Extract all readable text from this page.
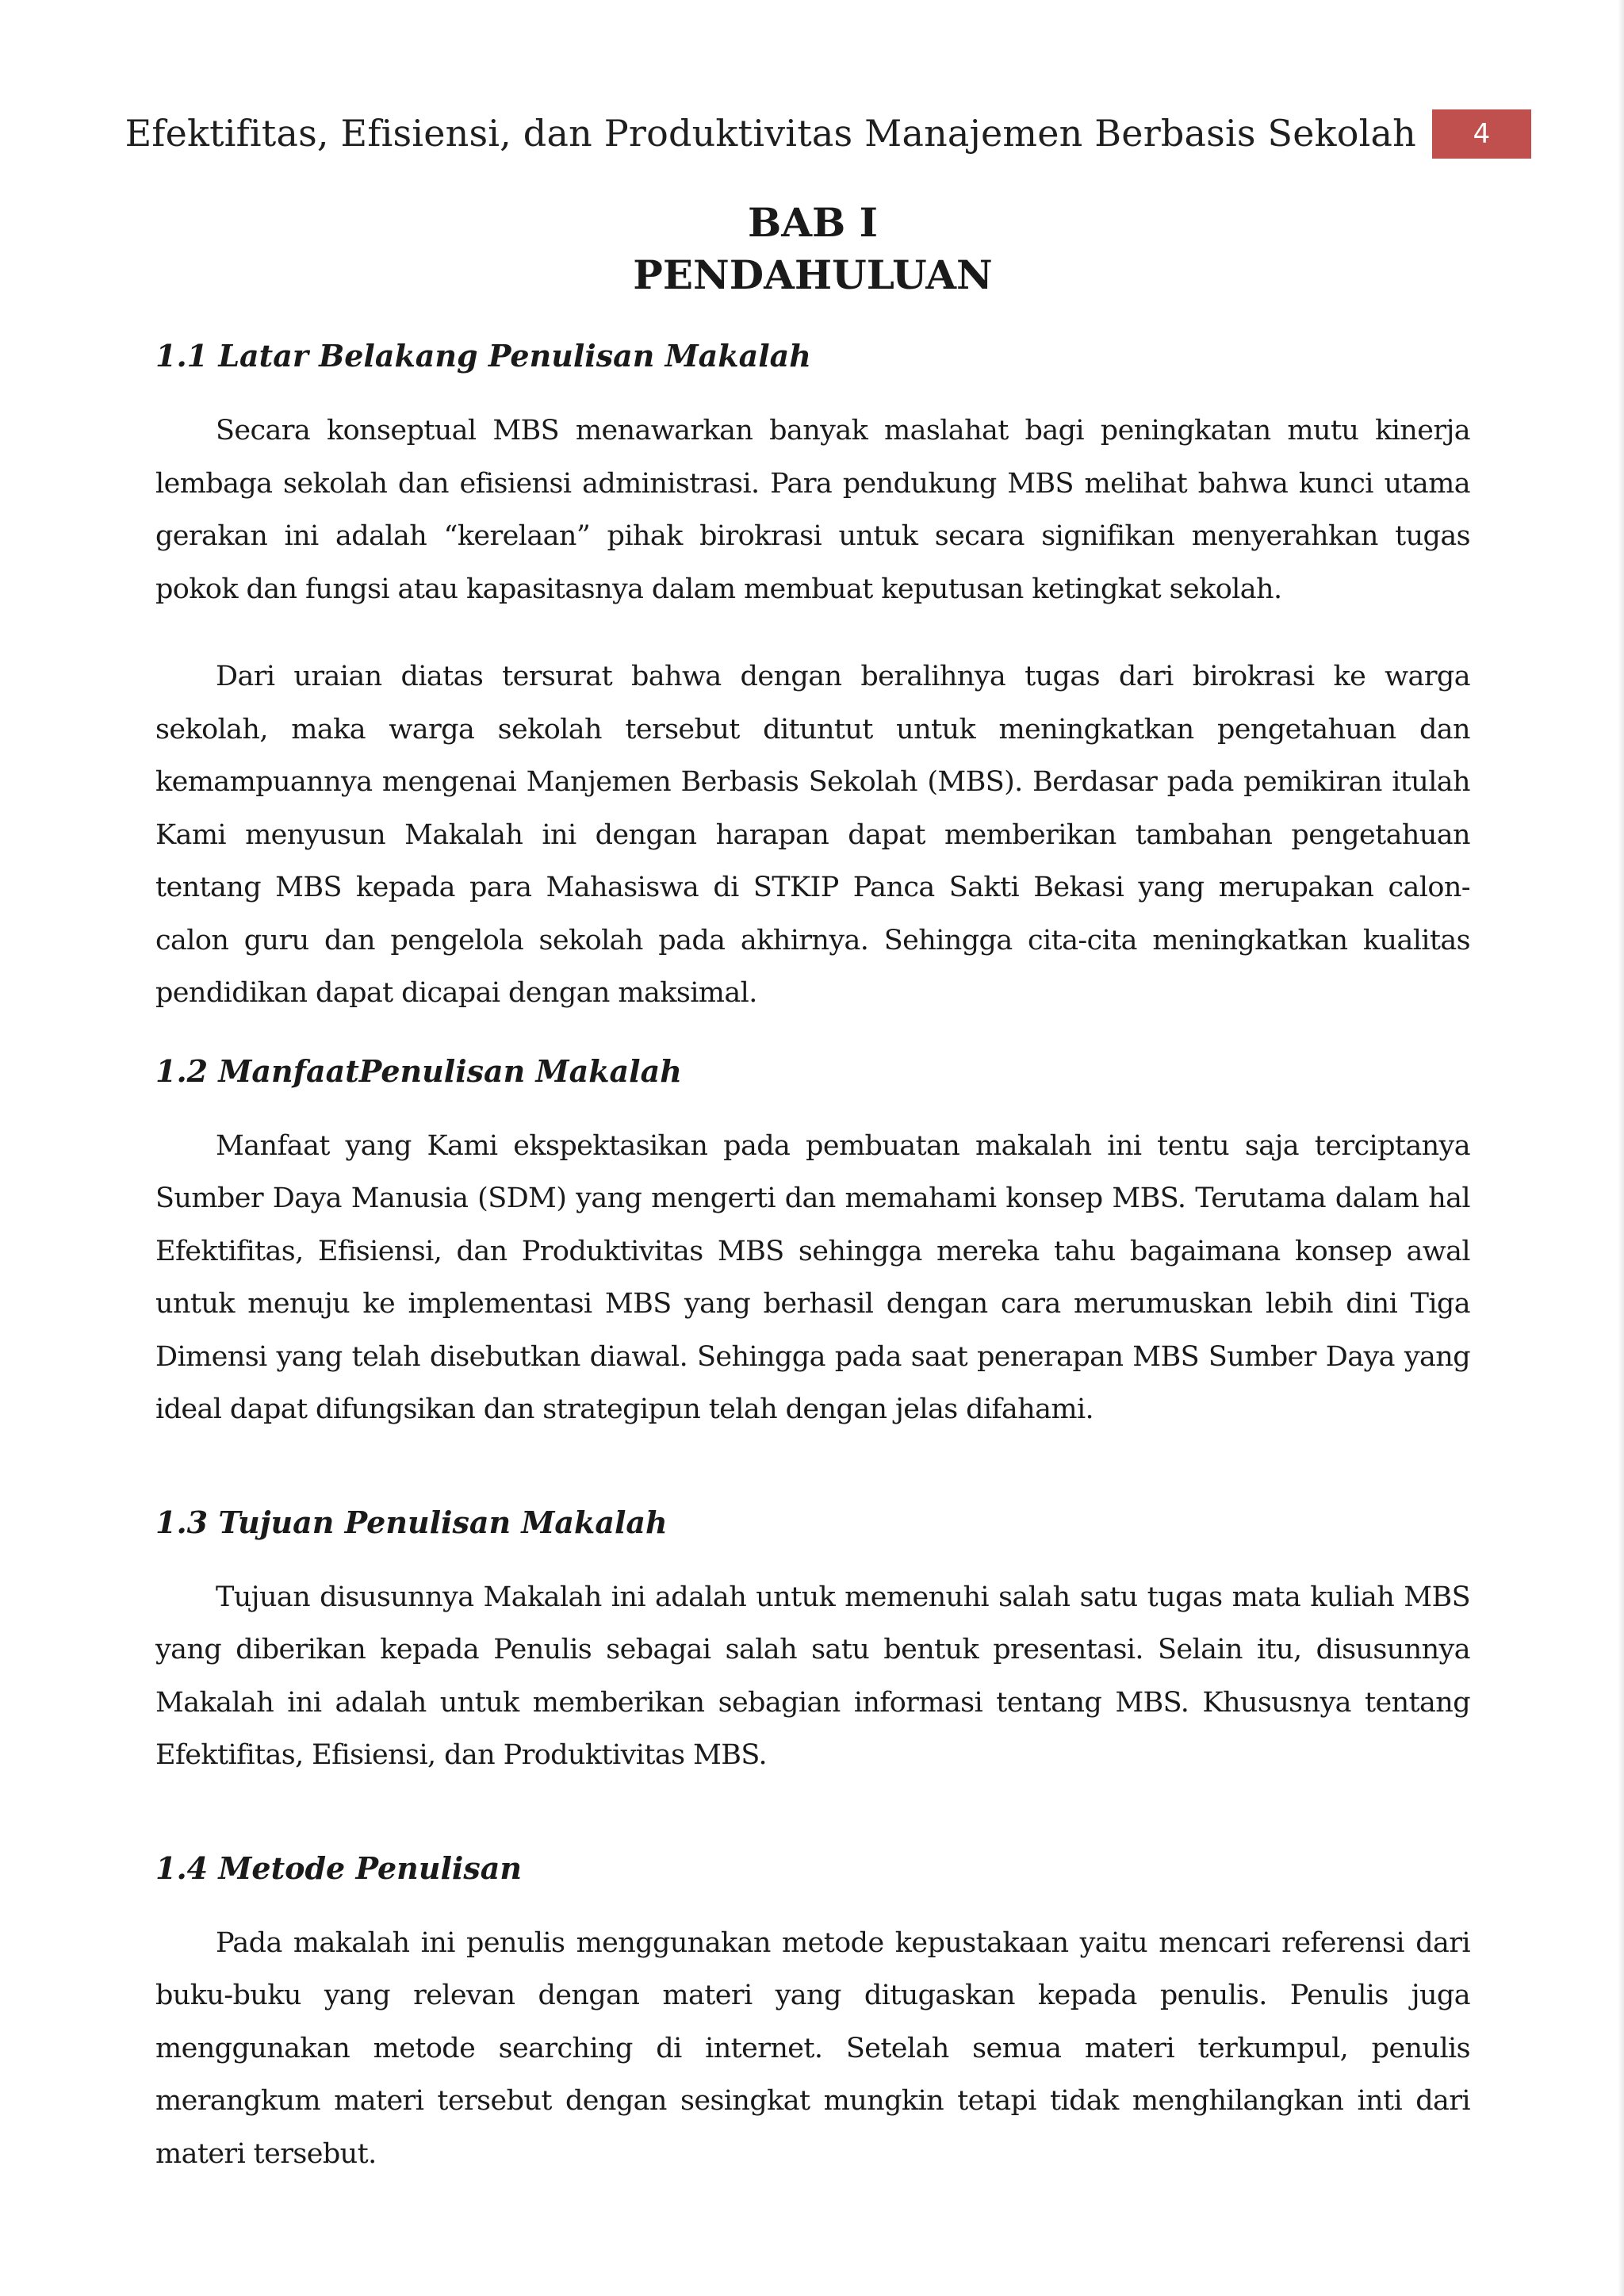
Efektifitas, Efisiensi, dan Produktivitas Manajemen Berbasis Sekolah	4
BAB I
PENDAHULUAN
1.1 Latar Belakang Penulisan Makalah

Secara konseptual MBS menawarkan banyak maslahat bagi peningkatan mutu kinerja lembaga sekolah dan efisiensi administrasi. Para pendukung MBS melihat bahwa kunci utama gerakan ini adalah “kerelaan” pihak birokrasi untuk secara signifikan menyerahkan tugas pokok dan fungsi atau kapasitasnya dalam membuat keputusan ketingkat sekolah.

Dari uraian diatas tersurat bahwa dengan beralihnya tugas dari birokrasi ke warga sekolah, maka warga sekolah tersebut dituntut untuk meningkatkan pengetahuan dan kemampuannya mengenai Manjemen Berbasis Sekolah (MBS). Berdasar pada pemikiran itulah Kami menyusun Makalah ini dengan harapan dapat memberikan tambahan pengetahuan tentang MBS kepada para Mahasiswa di STKIP Panca Sakti Bekasi yang merupakan calon-calon guru dan pengelola sekolah pada akhirnya. Sehingga cita-cita meningkatkan kualitas pendidikan dapat dicapai dengan maksimal.

1.2 ManfaatPenulisan Makalah

Manfaat yang Kami ekspektasikan pada pembuatan makalah ini tentu saja terciptanya Sumber Daya Manusia (SDM) yang mengerti dan memahami konsep MBS. Terutama dalam hal Efektifitas, Efisiensi, dan Produktivitas MBS sehingga mereka tahu bagaimana konsep awal untuk menuju ke implementasi MBS yang berhasil dengan cara merumuskan lebih dini Tiga Dimensi yang telah disebutkan diawal. Sehingga pada saat penerapan MBS Sumber Daya yang ideal dapat difungsikan dan strategipun telah dengan jelas difahami.

1.3 Tujuan Penulisan Makalah

Tujuan disusunnya Makalah ini adalah untuk memenuhi salah satu tugas mata kuliah MBS yang diberikan kepada Penulis sebagai salah satu bentuk presentasi. Selain itu, disusunnya Makalah ini adalah untuk memberikan sebagian informasi tentang MBS. Khususnya tentang Efektifitas, Efisiensi, dan Produktivitas MBS.

1.4 Metode Penulisan

Pada makalah ini penulis menggunakan metode kepustakaan yaitu mencari referensi dari buku-buku yang relevan dengan materi yang ditugaskan kepada penulis. Penulis juga menggunakan metode searching di internet. Setelah semua materi terkumpul, penulis merangkum materi tersebut dengan sesingkat mungkin tetapi tidak menghilangkan inti dari materi tersebut.
